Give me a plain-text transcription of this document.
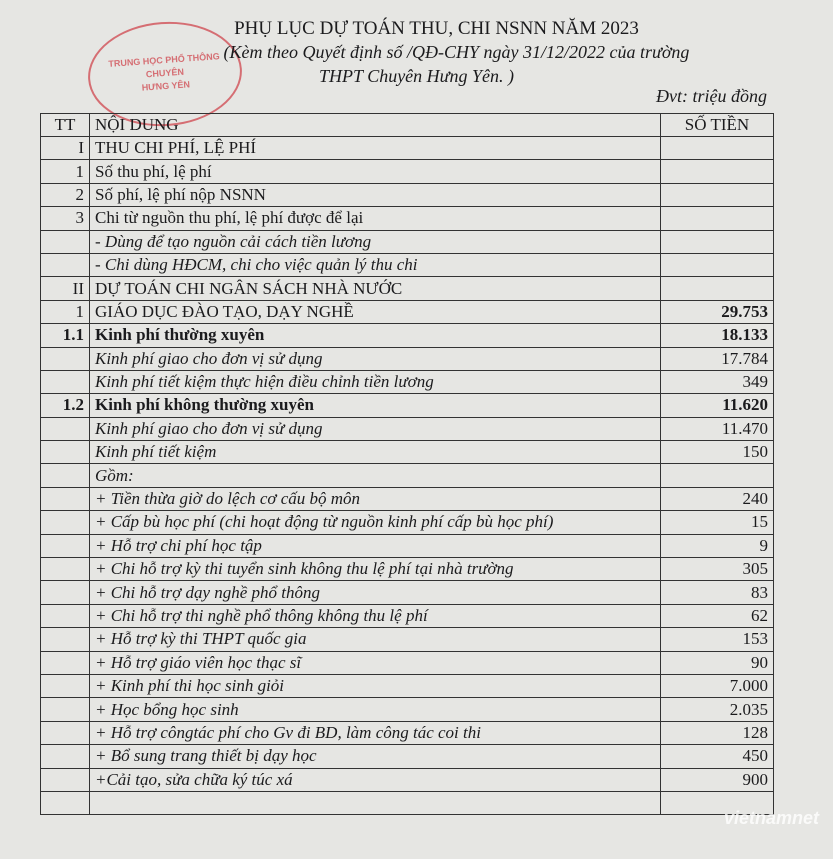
TRUNG HỌC PHỔ THÔNG
CHUYÊN
HƯNG YÊN
PHỤ LỤC DỰ TOÁN THU, CHI NSNN NĂM 2023
(Kèm theo Quyết định số /QĐ-CHY ngày 31/12/2022 của trường
THPT Chuyên Hưng Yên. )
Đvt: triệu đồng
TT	NỘI DUNG	SỐ TIỀN
I	THU CHI PHÍ, LỆ PHÍ	
1	Số thu phí, lệ phí	
2	Số phí, lệ phí nộp NSNN	
3	Chi từ nguồn thu phí, lệ phí được để lại	
	- Dùng để tạo nguồn cải cách tiền lương	
	- Chi dùng HĐCM, chi cho việc quản lý thu chi	
II	DỰ TOÁN CHI NGÂN SÁCH NHÀ NƯỚC	
1	GIÁO DỤC ĐÀO TẠO, DẠY NGHỀ	29.753
1.1	Kinh phí thường xuyên	18.133
	Kinh phí giao cho đơn vị sử dụng	17.784
	Kinh phí tiết kiệm thực hiện điều chỉnh tiền lương	349
1.2	Kinh phí không thường xuyên	11.620
	Kinh phí giao cho đơn vị sử dụng	11.470
	Kinh phí tiết kiệm	150
	Gồm:	
	+ Tiền thừa giờ do lệch cơ cấu bộ môn	240
	+ Cấp bù học phí (chi hoạt động từ nguồn kinh phí cấp bù học phí)	15
	+ Hỗ trợ chi phí học tập	9
	+ Chi hỗ trợ kỳ thi tuyển sinh không thu lệ phí tại nhà trường	305
	+ Chi hỗ trợ dạy nghề phổ thông	83
	+ Chi hỗ trợ thi nghề phổ thông không thu lệ phí	62
	+ Hỗ trợ kỳ thi THPT quốc gia	153
	+ Hỗ trợ giáo viên học thạc sĩ	90
	+ Kinh phí thi học sinh giỏi	7.000
	+ Học bổng học sinh	2.035
	+ Hỗ trợ côngtác phí cho Gv đi BD, làm công tác coi thi	128
	+ Bổ sung trang thiết bị dạy học	450
	+Cải tạo, sửa chữa ký túc xá	900

vietnamnet
